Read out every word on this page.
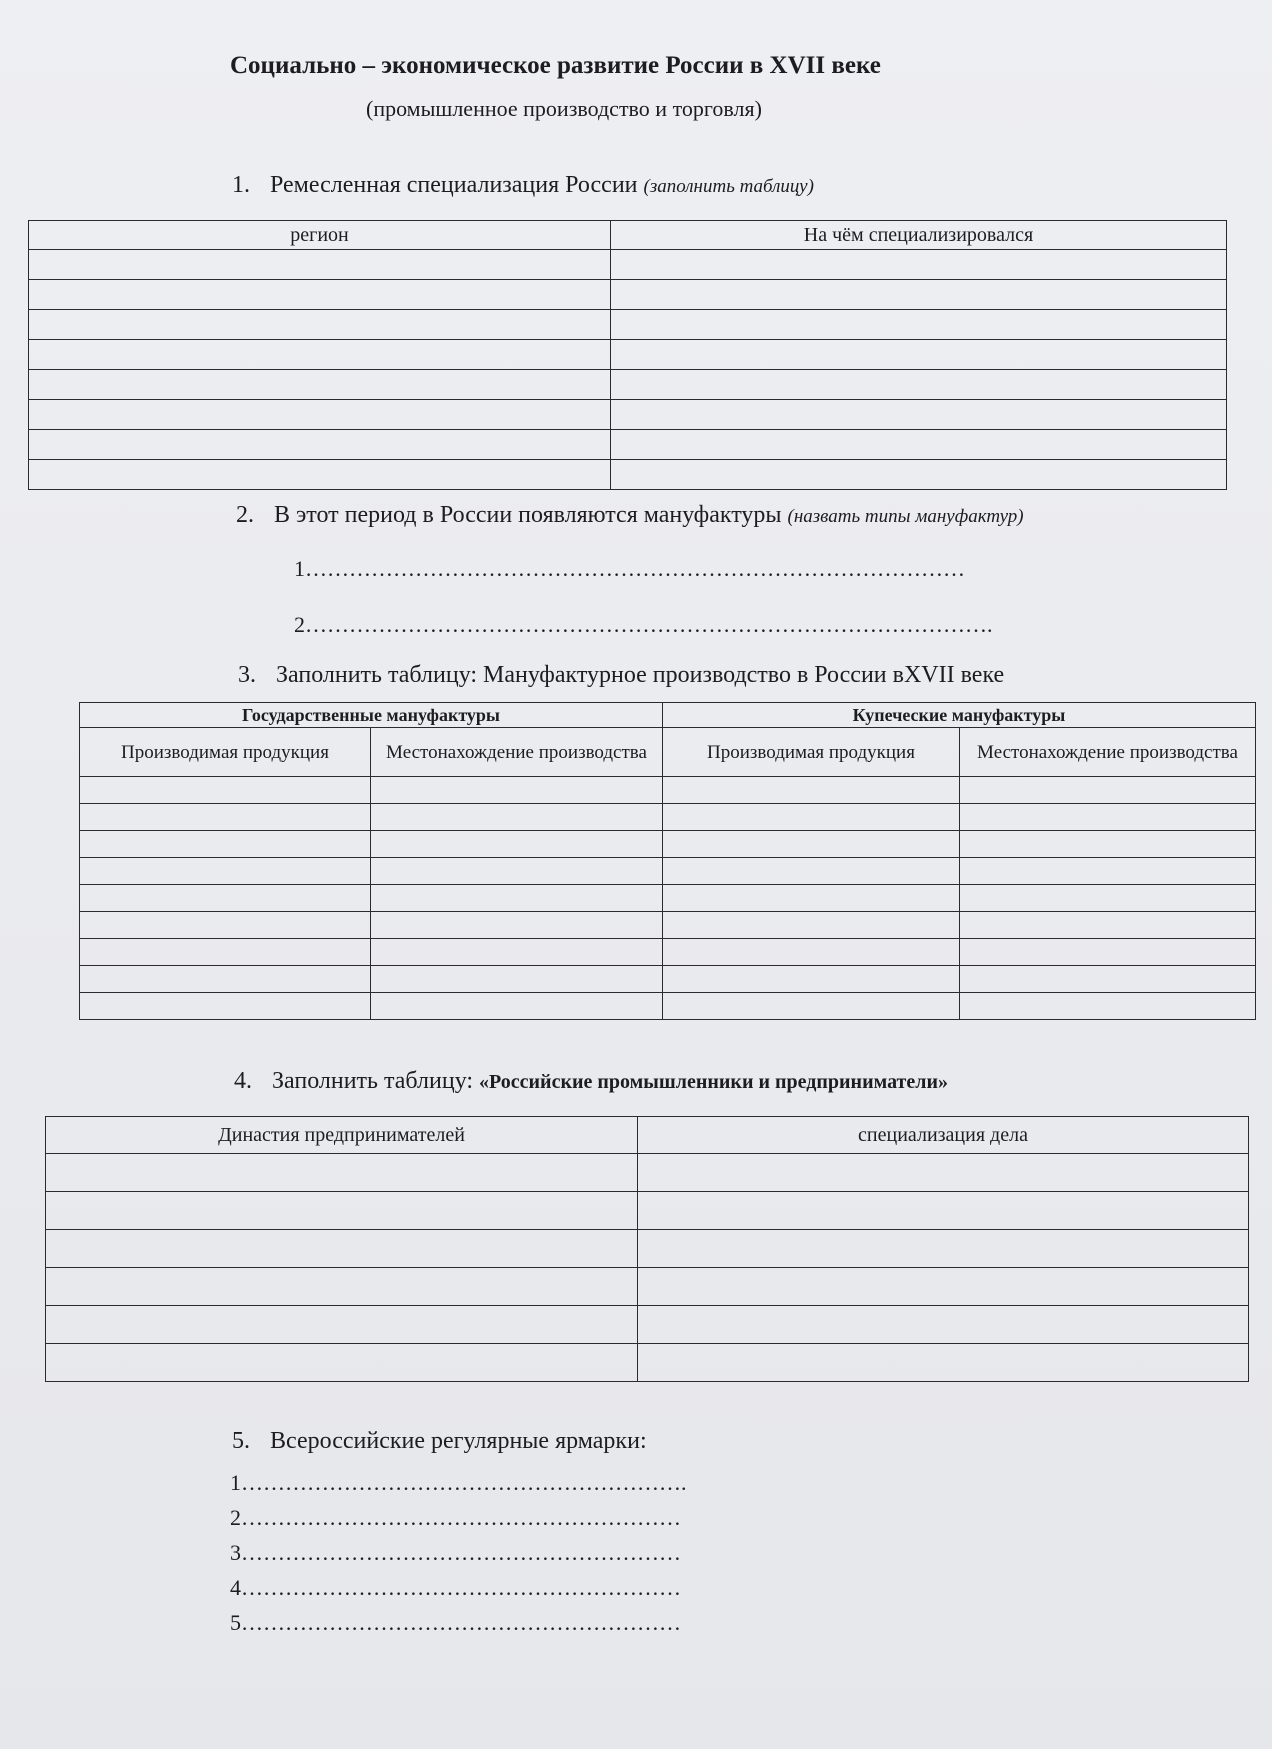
Социально – экономическое развитие России в XVII веке
(промышленное производство и торговля)
1. Ремесленная специализация России (заполнить таблицу)
регион	На чём специализировался

2. В этот период в России появляются мануфактуры (назвать типы мануфактур)
1………………………………………………………………………………
2………………………………………………………………………………….
3. Заполнить таблицу: Мануфактурное производство в России вXVII веке
Государственные мануфактуры		Купеческие мануфактуры	
Производимая продукция	Местонахождение производства	Производимая продукция	Местонахождение производства

4. Заполнить таблицу: «Российские промышленники и предприниматели»
Династия предпринимателей	специализация дела

5. Всероссийские регулярные ярмарки:
1…………………………………………………….
2……………………………………………………
3……………………………………………………
4……………………………………………………
5……………………………………………………
